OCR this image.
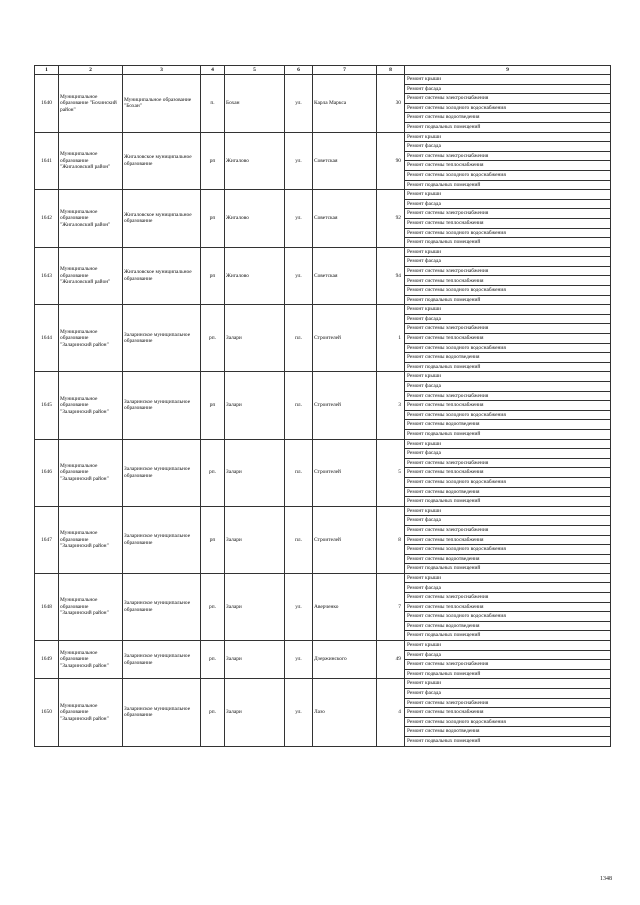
1	2	3	4	5	6	7	8	9
1640	Муниципальное образование "Бохинский район"	Муниципальное образование "Бохан"	п.	Бохан	ул.	Карла Маркса	30	Ремонт крыши
								Ремонт фасада
								Ремонт системы электроснабжения
								Ремонт системы холодного водоснабжения
								Ремонт системы водоотведения
								Ремонт подвальных помещений
1641	Муниципальное образование "Жигаловский район"	Жигаловское муниципальное образование	рп	Жигалово	ул.	Советская	90	Ремонт крыши
								Ремонт фасада
								Ремонт системы электроснабжения
								Ремонт системы теплоснабжения
								Ремонт системы холодного водоснабжения
								Ремонт подвальных помещений
1642	Муниципальное образование "Жигаловский район"	Жигаловское муниципальное образование	рп	Жигалово	ул.	Советская	92	Ремонт крыши
								Ремонт фасада
								Ремонт системы электроснабжения
								Ремонт системы теплоснабжения
								Ремонт системы холодного водоснабжения
								Ремонт подвальных помещений
1643	Муниципальное образование "Жигаловский район"	Жигаловское муниципальное образование	рп	Жигалово	ул.	Советская	94	Ремонт крыши
								Ремонт фасада
								Ремонт системы электроснабжения
								Ремонт системы теплоснабжения
								Ремонт системы холодного водоснабжения
								Ремонт подвальных помещений
1644	Муниципальное образование "Заларинский район"	Заларинское муниципальное образование	рп.	Залари	пл.	Строителей	1	Ремонт крыши
								Ремонт фасада
								Ремонт системы электроснабжения
								Ремонт системы теплоснабжения
								Ремонт системы холодного водоснабжения
								Ремонт системы водоотведения
								Ремонт подвальных помещений
1645	Муниципальное образование "Заларинский район"	Заларинское муниципальное образование	рп	Залари	пл.	Строителей	3	Ремонт крыши
								Ремонт фасада
								Ремонт системы электроснабжения
								Ремонт системы теплоснабжения
								Ремонт системы холодного водоснабжения
								Ремонт системы водоотведения
								Ремонт подвальных помещений
1646	Муниципальное образование "Заларинский район"	Заларинское муниципальное образование	рп.	Залари	пл.	Строителей	5	Ремонт крыши
								Ремонт фасада
								Ремонт системы электроснабжения
								Ремонт системы теплоснабжения
								Ремонт системы холодного водоснабжения
								Ремонт системы водоотведения
								Ремонт подвальных помещений
1647	Муниципальное образование "Заларинский район"	Заларинское муниципальное образование	рп	Залари	пл.	Строителей	8	Ремонт крыши
								Ремонт фасада
								Ремонт системы электроснабжения
								Ремонт системы теплоснабжения
								Ремонт системы холодного водоснабжения
								Ремонт системы водоотведения
								Ремонт подвальных помещений
1648	Муниципальное образование "Заларинский район"	Заларинское муниципальное образование	рп.	Залари	ул.	Аверченко	7	Ремонт крыши
								Ремонт фасада
								Ремонт системы электроснабжения
								Ремонт системы теплоснабжения
								Ремонт системы холодного водоснабжения
								Ремонт системы водоотведения
								Ремонт подвальных помещений
1649	Муниципальное образование "Заларинский район"	Заларинское муниципальное образование	рп.	Залари	ул.	Дзержинского	49	Ремонт крыши
								Ремонт фасада
								Ремонт системы электроснабжения
								Ремонт подвальных помещений
1650	Муниципальное образование "Заларинский район"	Заларинское муниципальное образование	рп.	Залари	ул.	Лазо	4	Ремонт крыши
								Ремонт фасада
								Ремонт системы электроснабжения
								Ремонт системы теплоснабжения
								Ремонт системы холодного водоснабжения
								Ремонт системы водоотведения
								Ремонт подвальных помещений
1348
